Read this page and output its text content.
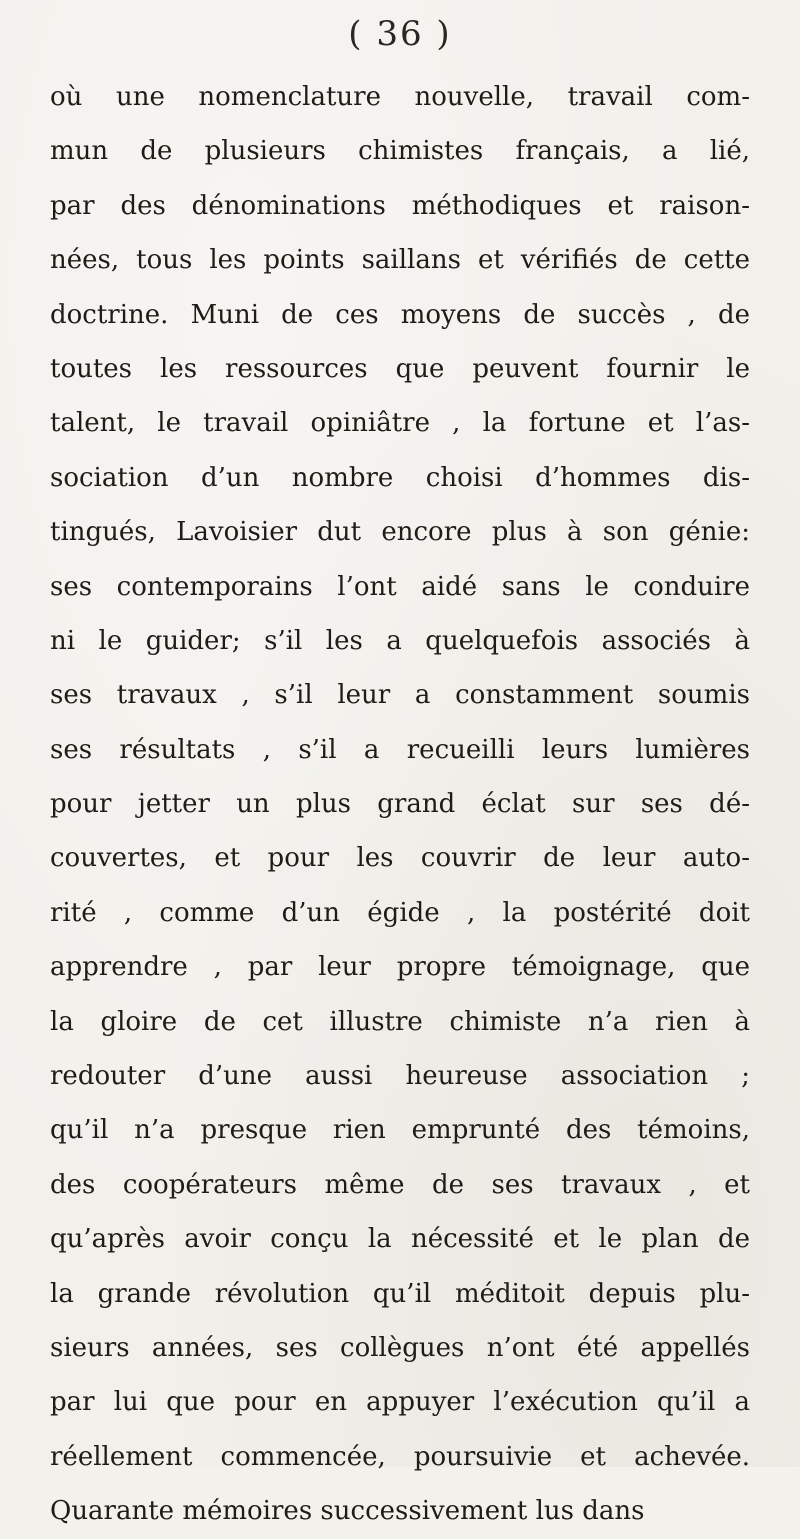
( 36 )
où une nomenclature nouvelle, travail com-
mun de plusieurs chimistes français, a lié,
par des dénominations méthodiques et raison-
nées, tous les points saillans et vérifiés de cette
doctrine. Muni de ces moyens de succès , de
toutes les ressources que peuvent fournir le
talent, le travail opiniâtre , la fortune et l’as-
sociation d’un nombre choisi d’hommes dis-
tingués, Lavoisier dut encore plus à son génie:
ses contemporains l’ont aidé sans le conduire
ni le guider; s’il les a quelquefois associés à
ses travaux , s’il leur a constamment soumis
ses résultats , s’il a recueilli leurs lumières
pour jetter un plus grand éclat sur ses dé-
couvertes, et pour les couvrir de leur auto-
rité , comme d’un égide , la postérité doit
apprendre , par leur propre témoignage, que
la gloire de cet illustre chimiste n’a rien à
redouter d’une aussi heureuse association ;
qu’il n’a presque rien emprunté des témoins,
des coopérateurs même de ses travaux , et
qu’après avoir conçu la nécessité et le plan de
la grande révolution qu’il méditoit depuis plu-
sieurs années, ses collègues n’ont été appellés
par lui que pour en appuyer l’exécution qu’il a
réellement commencée, poursuivie et achevée.
Quarante mémoires successivement lus dans
